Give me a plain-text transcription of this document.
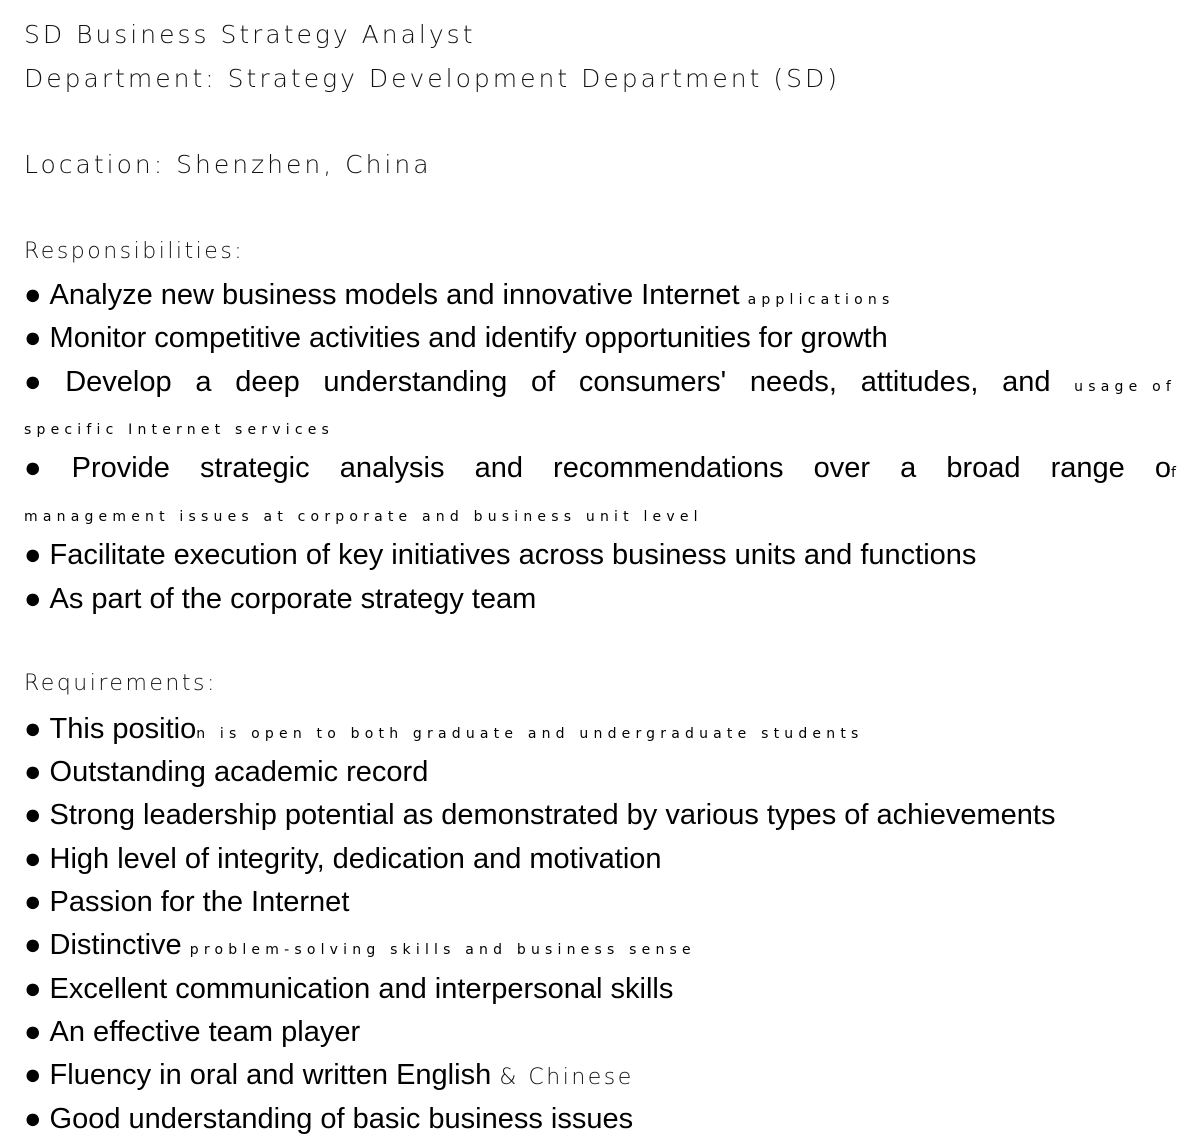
SD Business Strategy Analyst
Department: Strategy Development Department (SD)
Location: Shenzhen, China
Responsibilities:
● Analyze new business models and innovative Internet applications
● Monitor competitive activities and identify opportunities for growth
● Develop a deep understanding of consumers' needs, attitudes, and usage of
specific Internet services
● Provide strategic analysis and recommendations over a broad range of
management issues at corporate and business unit level
● Facilitate execution of key initiatives across business units and functions
● As part of the corporate strategy team
Requirements:
● This position is open to both graduate and undergraduate students
● Outstanding academic record
● Strong leadership potential as demonstrated by various types of achievements
● High level of integrity, dedication and motivation
● Passion for the Internet
● Distinctive problem-solving skills and business sense
● Excellent communication and interpersonal skills
● An effective team player
● Fluency in oral and written English & Chinese
● Good understanding of basic business issues
